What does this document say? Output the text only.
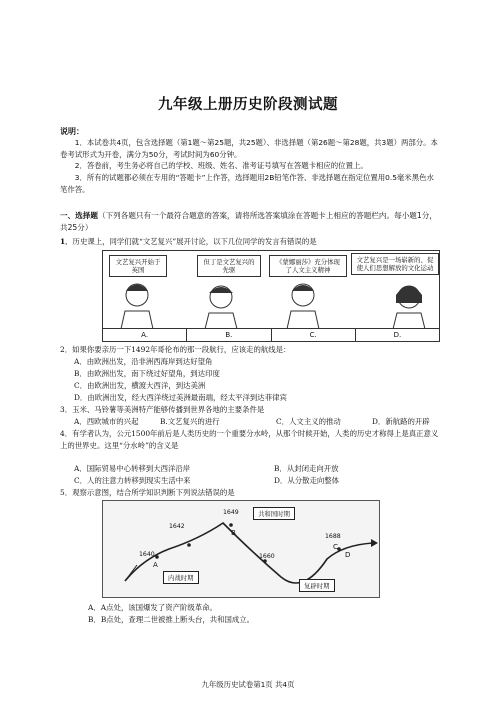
九年级上册历史阶段测试题
说明：
1．本试卷共4页，包含选择题（第1题～第25题，共25题）、非选择题（第26题～第28题，共3题）两部分。本卷考试形式为开卷，满分为50分，考试时间为60分钟。
2．答卷前，考生务必将自己的学校、班级、姓名、准考证号填写在答题卡相应的位置上。
3．所有的试题都必须在专用的“答题卡”上作答，选择题用2B铅笔作答、非选择题在指定位置用0.5毫米黑色水笔作答。
一、选择题（下列各题只有一个最符合题意的答案，请将所选答案填涂在答题卡上相应的答题栏内。每小题1分，共25分）
1．历史课上，同学们就“文艺复兴”展开讨论，以下几位同学的发言有错误的是
文艺复兴开始于英国
但丁是文艺复兴的先驱
《蒙娜丽莎》充分体现了人文主义精神
文艺复兴是一场崭新的、促使人们思想解放的文化运动
A.	B.	C.	D.
2．如果你要亲历一下1492年哥伦布的那一段航行，应该走的航线是：
A．由欧洲出发，沿非洲西海岸到达好望角
B．由欧洲出发，南下绕过好望角，到达印度
C．由欧洲出发，横渡大西洋，到达美洲
D．由欧洲出发，经大西洋绕过美洲最南端，经太平洋到达菲律宾
3．玉米、马铃薯等美洲特产能够传播到世界各地的主要条件是
A．西欧城市的兴起	B.文艺复兴的进行	C．人文主义的推动	D．新航路的开辟
4．有学者认为，公元1500年前后是人类历史的一个重要分水岭，从那个时候开始，人类的历史才称得上是真正意义上的世界史。这里“分水岭”的含义是
A．国际贸易中心转移到大西洋沿岸	B．从封闭走向开放
C．人的注意力转移到现实生活中来	D．从分散走向整体
5．观察示意图，结合所学知识判断下列说法错误的是
1640
1642
1649
1660
1688
A
B
C
D
共和国时期
内战时期
复辟时期
A．A点处，该国爆发了资产阶级革命。
B．B点处，查理二世被推上断头台，共和国成立。
九年级历史试卷第1页 共4页
